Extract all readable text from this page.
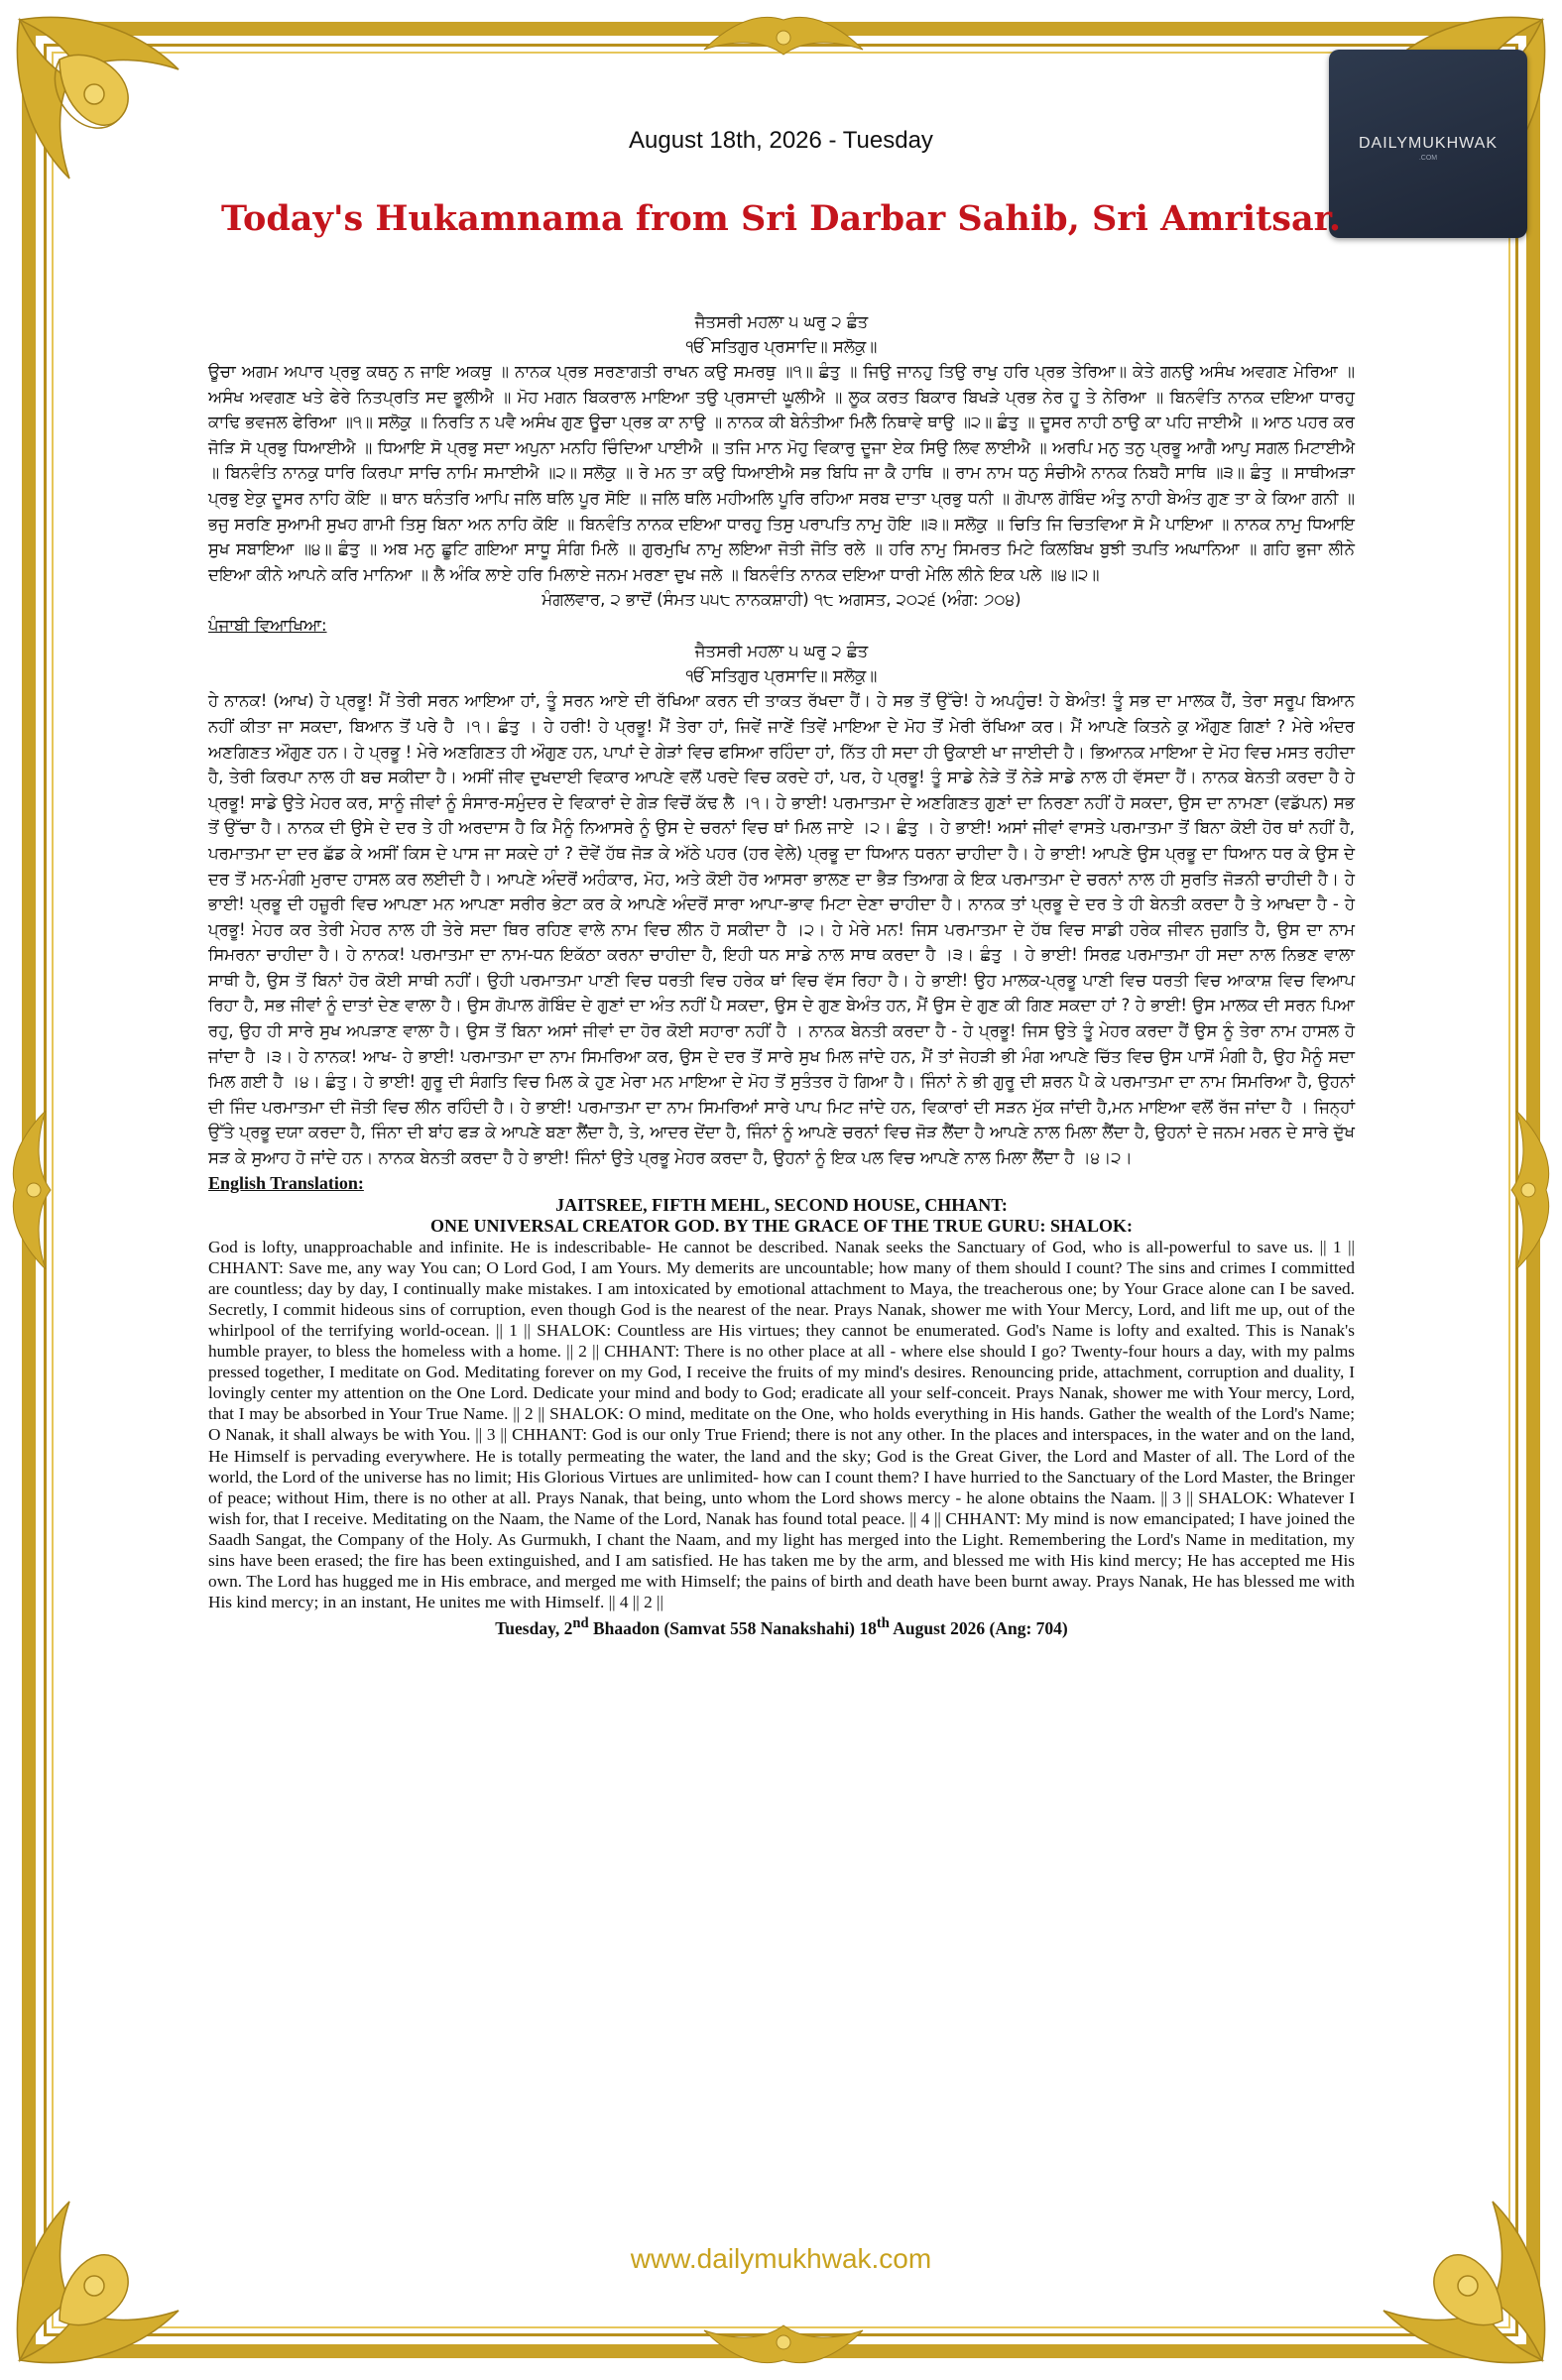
DAILYMUKHWAK
.COM
August 18th, 2026 - Tuesday
Today's Hukamnama from Sri Darbar Sahib, Sri Amritsar.
ਜੈਤਸਰੀ ਮਹਲਾ ੫ ਘਰੁ ੨ ਛੰਤ
ੴ ਸਤਿਗੁਰ ਪ੍ਰਸਾਦਿ॥ ਸਲੋਕੁ॥
ਊਚਾ ਅਗਮ ਅਪਾਰ ਪ੍ਰਭੁ ਕਥਨੁ ਨ ਜਾਇ ਅਕਥੁ ॥ ਨਾਨਕ ਪ੍ਰਭ ਸਰਣਾਗਤੀ ਰਾਖਨ ਕਉ ਸਮਰਥੁ ॥੧॥ ਛੰਤੁ ॥ ਜਿਉ ਜਾਨਹੁ ਤਿਉ ਰਾਖੁ ਹਰਿ ਪ੍ਰਭ ਤੇਰਿਆ॥ ਕੇਤੇ ਗਨਉ ਅਸੰਖ ਅਵਗਣ ਮੇਰਿਆ ॥ ਅਸੰਖ ਅਵਗਣ ਖਤੇ ਫੇਰੇ ਨਿਤਪ੍ਰਤਿ ਸਦ ਭੂਲੀਐ ॥ ਮੋਹ ਮਗਨ ਬਿਕਰਾਲ ਮਾਇਆ ਤਉ ਪ੍ਰਸਾਦੀ ਘੂਲੀਐ ॥ ਲੂਕ ਕਰਤ ਬਿਕਾਰ ਬਿਖੜੇ ਪ੍ਰਭ ਨੇਰ ਹੂ ਤੇ ਨੇਰਿਆ ॥ ਬਿਨਵੰਤਿ ਨਾਨਕ ਦਇਆ ਧਾਰਹੁ ਕਾਢਿ ਭਵਜਲ ਫੇਰਿਆ ॥੧॥ ਸਲੋਕੁ ॥ ਨਿਰਤਿ ਨ ਪਵੈ ਅਸੰਖ ਗੁਣ ਊਚਾ ਪ੍ਰਭ ਕਾ ਨਾਉ ॥ ਨਾਨਕ ਕੀ ਬੇਨੰਤੀਆ ਮਿਲੈ ਨਿਥਾਵੇ ਥਾਉ ॥੨॥ ਛੰਤੁ ॥ ਦੂਸਰ ਨਾਹੀ ਠਾਉ ਕਾ ਪਹਿ ਜਾਈਐ ॥ ਆਠ ਪਹਰ ਕਰ ਜੋੜਿ ਸੋ ਪ੍ਰਭੁ ਧਿਆਈਐ ॥ ਧਿਆਇ ਸੋ ਪ੍ਰਭੁ ਸਦਾ ਅਪੁਨਾ ਮਨਹਿ ਚਿੰਦਿਆ ਪਾਈਐ ॥ ਤਜਿ ਮਾਨ ਮੋਹੁ ਵਿਕਾਰੁ ਦੂਜਾ ਏਕ ਸਿਉ ਲਿਵ ਲਾਈਐ ॥ ਅਰਪਿ ਮਨੁ ਤਨੁ ਪ੍ਰਭੂ ਆਗੈ ਆਪੁ ਸਗਲ ਮਿਟਾਈਐ ॥ ਬਿਨਵੰਤਿ ਨਾਨਕੁ ਧਾਰਿ ਕਿਰਪਾ ਸਾਚਿ ਨਾਮਿ ਸਮਾਈਐ ॥੨॥ ਸਲੋਕੁ ॥ ਰੇ ਮਨ ਤਾ ਕਉ ਧਿਆਈਐ ਸਭ ਬਿਧਿ ਜਾ ਕੈ ਹਾਥਿ ॥ ਰਾਮ ਨਾਮ ਧਨੁ ਸੰਚੀਐ ਨਾਨਕ ਨਿਬਹੈ ਸਾਥਿ ॥੩॥ ਛੰਤੁ ॥ ਸਾਥੀਅੜਾ ਪ੍ਰਭੁ ਏਕੁ ਦੂਸਰ ਨਾਹਿ ਕੋਇ ॥ ਥਾਨ ਥਨੰਤਰਿ ਆਪਿ ਜਲਿ ਥਲਿ ਪੂਰ ਸੋਇ ॥ ਜਲਿ ਥਲਿ ਮਹੀਅਲਿ ਪੂਰਿ ਰਹਿਆ ਸਰਬ ਦਾਤਾ ਪ੍ਰਭੁ ਧਨੀ ॥ ਗੋਪਾਲ ਗੋਬਿੰਦ ਅੰਤੁ ਨਾਹੀ ਬੇਅੰਤ ਗੁਣ ਤਾ ਕੇ ਕਿਆ ਗਨੀ ॥ ਭਜੁ ਸਰਣਿ ਸੁਆਮੀ ਸੁਖਹ ਗਾਮੀ ਤਿਸੁ ਬਿਨਾ ਅਨ ਨਾਹਿ ਕੋਇ ॥ ਬਿਨਵੰਤਿ ਨਾਨਕ ਦਇਆ ਧਾਰਹੁ ਤਿਸੁ ਪਰਾਪਤਿ ਨਾਮੁ ਹੋਇ ॥੩॥ ਸਲੋਕੁ ॥ ਚਿਤਿ ਜਿ ਚਿਤਵਿਆ ਸੋ ਮੈ ਪਾਇਆ ॥ ਨਾਨਕ ਨਾਮੁ ਧਿਆਇ ਸੁਖ ਸਬਾਇਆ ॥੪॥ ਛੰਤੁ ॥ ਅਬ ਮਨੁ ਛੂਟਿ ਗਇਆ ਸਾਧੂ ਸੰਗਿ ਮਿਲੇ ॥ ਗੁਰਮੁਖਿ ਨਾਮੁ ਲਇਆ ਜੋਤੀ ਜੋਤਿ ਰਲੇ ॥ ਹਰਿ ਨਾਮੁ ਸਿਮਰਤ ਮਿਟੇ ਕਿਲਬਿਖ ਬੁਝੀ ਤਪਤਿ ਅਘਾਨਿਆ ॥ ਗਹਿ ਭੁਜਾ ਲੀਨੇ ਦਇਆ ਕੀਨੇ ਆਪਨੇ ਕਰਿ ਮਾਨਿਆ ॥ ਲੈ ਅੰਕਿ ਲਾਏ ਹਰਿ ਮਿਲਾਏ ਜਨਮ ਮਰਣਾ ਦੁਖ ਜਲੇ ॥ ਬਿਨਵੰਤਿ ਨਾਨਕ ਦਇਆ ਧਾਰੀ ਮੇਲਿ ਲੀਨੇ ਇਕ ਪਲੇ ॥੪॥੨॥
ਮੰਗਲਵਾਰ, ੨ ਭਾਦੋਂ (ਸੰਮਤ ੫੫੮ ਨਾਨਕਸ਼ਾਹੀ) ੧੮ ਅਗਸਤ, ੨੦੨੬ (ਅੰਗ: ੭੦੪)
ਪੰਜਾਬੀ ਵਿਆਖਿਆ:
ਜੈਤਸਰੀ ਮਹਲਾ ੫ ਘਰੁ ੨ ਛੰਤ
ੴ ਸਤਿਗੁਰ ਪ੍ਰਸਾਦਿ॥ ਸਲੋਕੁ॥
ਹੇ ਨਾਨਕ! (ਆਖ) ਹੇ ਪ੍ਰਭੂ! ਮੈਂ ਤੇਰੀ ਸਰਨ ਆਇਆ ਹਾਂ, ਤੂੰ ਸਰਨ ਆਏ ਦੀ ਰੱਖਿਆ ਕਰਨ ਦੀ ਤਾਕਤ ਰੱਖਦਾ ਹੈਂ। ਹੇ ਸਭ ਤੋਂ ਉੱਚੇ! ਹੇ ਅਪਹੁੰਚ! ਹੇ ਬੇਅੰਤ! ਤੂੰ ਸਭ ਦਾ ਮਾਲਕ ਹੈਂ, ਤੇਰਾ ਸਰੂਪ ਬਿਆਨ ਨਹੀਂ ਕੀਤਾ ਜਾ ਸਕਦਾ, ਬਿਆਨ ਤੋਂ ਪਰੇ ਹੈ ।੧। ਛੰਤੁ । ਹੇ ਹਰੀ! ਹੇ ਪ੍ਰਭੂ! ਮੈਂ ਤੇਰਾ ਹਾਂ, ਜਿਵੇਂ ਜਾਣੇਂ ਤਿਵੇਂ ਮਾਇਆ ਦੇ ਮੋਹ ਤੋਂ ਮੇਰੀ ਰੱਖਿਆ ਕਰ। ਮੈਂ ਆਪਣੇ ਕਿਤਨੇ ਕੁ ਔਗੁਣ ਗਿਣਾਂ ? ਮੇਰੇ ਅੰਦਰ ਅਣਗਿਣਤ ਔਗੁਣ ਹਨ। ਹੇ ਪ੍ਰਭੂ ! ਮੇਰੇ ਅਣਗਿਣਤ ਹੀ ਔਗੁਣ ਹਨ, ਪਾਪਾਂ ਦੇ ਗੇੜਾਂ ਵਿਚ ਫਸਿਆ ਰਹਿੰਦਾ ਹਾਂ, ਨਿੱਤ ਹੀ ਸਦਾ ਹੀ ਉਕਾਈ ਖਾ ਜਾਈਦੀ ਹੈ। ਭਿਆਨਕ ਮਾਇਆ ਦੇ ਮੋਹ ਵਿਚ ਮਸਤ ਰਹੀਦਾ ਹੈ, ਤੇਰੀ ਕਿਰਪਾ ਨਾਲ ਹੀ ਬਚ ਸਕੀਦਾ ਹੈ। ਅਸੀਂ ਜੀਵ ਦੁਖਦਾਈ ਵਿਕਾਰ ਆਪਣੇ ਵਲੋਂ ਪਰਦੇ ਵਿਚ ਕਰਦੇ ਹਾਂ, ਪਰ, ਹੇ ਪ੍ਰਭੂ! ਤੂੰ ਸਾਡੇ ਨੇੜੇ ਤੋਂ ਨੇੜੇ ਸਾਡੇ ਨਾਲ ਹੀ ਵੱਸਦਾ ਹੈਂ। ਨਾਨਕ ਬੇਨਤੀ ਕਰਦਾ ਹੈ ਹੇ ਪ੍ਰਭੂ! ਸਾਡੇ ਉਤੇ ਮੇਹਰ ਕਰ, ਸਾਨੂੰ ਜੀਵਾਂ ਨੂੰ ਸੰਸਾਰ-ਸਮੁੰਦਰ ਦੇ ਵਿਕਾਰਾਂ ਦੇ ਗੇੜ ਵਿਚੋਂ ਕੱਢ ਲੈ ।੧। ਹੇ ਭਾਈ! ਪਰਮਾਤਮਾ ਦੇ ਅਣਗਿਣਤ ਗੁਣਾਂ ਦਾ ਨਿਰਣਾ ਨਹੀਂ ਹੋ ਸਕਦਾ, ਉਸ ਦਾ ਨਾਮਣਾ (ਵਡੱਪਨ) ਸਭ ਤੋਂ ਉੱਚਾ ਹੈ। ਨਾਨਕ ਦੀ ਉਸੇ ਦੇ ਦਰ ਤੇ ਹੀ ਅਰਦਾਸ ਹੈ ਕਿ ਮੈਨੂੰ ਨਿਆਸਰੇ ਨੂੰ ਉਸ ਦੇ ਚਰਨਾਂ ਵਿਚ ਥਾਂ ਮਿਲ ਜਾਏ ।੨। ਛੰਤੁ । ਹੇ ਭਾਈ! ਅਸਾਂ ਜੀਵਾਂ ਵਾਸਤੇ ਪਰਮਾਤਮਾ ਤੋਂ ਬਿਨਾ ਕੋਈ ਹੋਰ ਥਾਂ ਨਹੀਂ ਹੈ, ਪਰਮਾਤਮਾ ਦਾ ਦਰ ਛੱਡ ਕੇ ਅਸੀਂ ਕਿਸ ਦੇ ਪਾਸ ਜਾ ਸਕਦੇ ਹਾਂ ? ਦੋਵੇਂ ਹੱਥ ਜੋੜ ਕੇ ਅੱਠੇ ਪਹਰ (ਹਰ ਵੇਲੇ) ਪ੍ਰਭੂ ਦਾ ਧਿਆਨ ਧਰਨਾ ਚਾਹੀਦਾ ਹੈ। ਹੇ ਭਾਈ! ਆਪਣੇ ਉਸ ਪ੍ਰਭੂ ਦਾ ਧਿਆਨ ਧਰ ਕੇ ਉਸ ਦੇ ਦਰ ਤੋਂ ਮਨ-ਮੰਗੀ ਮੁਰਾਦ ਹਾਸਲ ਕਰ ਲਈਦੀ ਹੈ। ਆਪਣੇ ਅੰਦਰੋਂ ਅਹੰਕਾਰ, ਮੋਹ, ਅਤੇ ਕੋਈ ਹੋਰ ਆਸਰਾ ਭਾਲਣ ਦਾ ਭੈੜ ਤਿਆਗ ਕੇ ਇਕ ਪਰਮਾਤਮਾ ਦੇ ਚਰਨਾਂ ਨਾਲ ਹੀ ਸੁਰਤਿ ਜੋੜਨੀ ਚਾਹੀਦੀ ਹੈ। ਹੇ ਭਾਈ! ਪ੍ਰਭੂ ਦੀ ਹਜ਼ੂਰੀ ਵਿਚ ਆਪਣਾ ਮਨ ਆਪਣਾ ਸਰੀਰ ਭੇਟਾ ਕਰ ਕੇ ਆਪਣੇ ਅੰਦਰੋਂ ਸਾਰਾ ਆਪਾ-ਭਾਵ ਮਿਟਾ ਦੇਣਾ ਚਾਹੀਦਾ ਹੈ। ਨਾਨਕ ਤਾਂ ਪ੍ਰਭੂ ਦੇ ਦਰ ਤੇ ਹੀ ਬੇਨਤੀ ਕਰਦਾ ਹੈ ਤੇ ਆਖਦਾ ਹੈ - ਹੇ ਪ੍ਰਭੂ! ਮੇਹਰ ਕਰ ਤੇਰੀ ਮੇਹਰ ਨਾਲ ਹੀ ਤੇਰੇ ਸਦਾ ਥਿਰ ਰਹਿਣ ਵਾਲੇ ਨਾਮ ਵਿਚ ਲੀਨ ਹੋ ਸਕੀਦਾ ਹੈ ।੨। ਹੇ ਮੇਰੇ ਮਨ! ਜਿਸ ਪਰਮਾਤਮਾ ਦੇ ਹੱਥ ਵਿਚ ਸਾਡੀ ਹਰੇਕ ਜੀਵਨ ਜੁਗਤਿ ਹੈ, ਉਸ ਦਾ ਨਾਮ ਸਿਮਰਨਾ ਚਾਹੀਦਾ ਹੈ। ਹੇ ਨਾਨਕ! ਪਰਮਾਤਮਾ ਦਾ ਨਾਮ-ਧਨ ਇਕੱਠਾ ਕਰਨਾ ਚਾਹੀਦਾ ਹੈ, ਇਹੀ ਧਨ ਸਾਡੇ ਨਾਲ ਸਾਥ ਕਰਦਾ ਹੈ ।੩। ਛੰਤੁ । ਹੇ ਭਾਈ! ਸਿਰਫ਼ ਪਰਮਾਤਮਾ ਹੀ ਸਦਾ ਨਾਲ ਨਿਭਣ ਵਾਲਾ ਸਾਥੀ ਹੈ, ਉਸ ਤੋਂ ਬਿਨਾਂ ਹੋਰ ਕੋਈ ਸਾਥੀ ਨਹੀਂ। ਉਹੀ ਪਰਮਾਤਮਾ ਪਾਣੀ ਵਿਚ ਧਰਤੀ ਵਿਚ ਹਰੇਕ ਥਾਂ ਵਿਚ ਵੱਸ ਰਿਹਾ ਹੈ। ਹੇ ਭਾਈ! ਉਹ ਮਾਲਕ-ਪ੍ਰਭੂ ਪਾਣੀ ਵਿਚ ਧਰਤੀ ਵਿਚ ਆਕਾਸ਼ ਵਿਚ ਵਿਆਪ ਰਿਹਾ ਹੈ, ਸਭ ਜੀਵਾਂ ਨੂੰ ਦਾਤਾਂ ਦੇਣ ਵਾਲਾ ਹੈ। ਉਸ ਗੋਪਾਲ ਗੋਬਿੰਦ ਦੇ ਗੁਣਾਂ ਦਾ ਅੰਤ ਨਹੀਂ ਪੈ ਸਕਦਾ, ਉਸ ਦੇ ਗੁਣ ਬੇਅੰਤ ਹਨ, ਮੈਂ ਉਸ ਦੇ ਗੁਣ ਕੀ ਗਿਣ ਸਕਦਾ ਹਾਂ ? ਹੇ ਭਾਈ! ਉਸ ਮਾਲਕ ਦੀ ਸਰਨ ਪਿਆ ਰਹੁ, ਉਹ ਹੀ ਸਾਰੇ ਸੁਖ ਅਪੜਾਣ ਵਾਲਾ ਹੈ। ਉਸ ਤੋਂ ਬਿਨਾ ਅਸਾਂ ਜੀਵਾਂ ਦਾ ਹੋਰ ਕੋਈ ਸਹਾਰਾ ਨਹੀਂ ਹੈ । ਨਾਨਕ ਬੇਨਤੀ ਕਰਦਾ ਹੈ - ਹੇ ਪ੍ਰਭੂ! ਜਿਸ ਉਤੇ ਤੂੰ ਮੇਹਰ ਕਰਦਾ ਹੈਂ ਉਸ ਨੂੰ ਤੇਰਾ ਨਾਮ ਹਾਸਲ ਹੋ ਜਾਂਦਾ ਹੈ ।੩। ਹੇ ਨਾਨਕ! ਆਖ- ਹੇ ਭਾਈ! ਪਰਮਾਤਮਾ ਦਾ ਨਾਮ ਸਿਮਰਿਆ ਕਰ, ਉਸ ਦੇ ਦਰ ਤੋਂ ਸਾਰੇ ਸੁਖ ਮਿਲ ਜਾਂਦੇ ਹਨ, ਮੈਂ ਤਾਂ ਜੇਹੜੀ ਭੀ ਮੰਗ ਆਪਣੇ ਚਿੱਤ ਵਿਚ ਉਸ ਪਾਸੋਂ ਮੰਗੀ ਹੈ, ਉਹ ਮੈਨੂੰ ਸਦਾ ਮਿਲ ਗਈ ਹੈ ।੪। ਛੰਤੁ। ਹੇ ਭਾਈ! ਗੁਰੂ ਦੀ ਸੰਗਤਿ ਵਿਚ ਮਿਲ ਕੇ ਹੁਣ ਮੇਰਾ ਮਨ ਮਾਇਆ ਦੇ ਮੋਹ ਤੋਂ ਸੁਤੰਤਰ ਹੋ ਗਿਆ ਹੈ। ਜਿੰਨਾਂ ਨੇ ਭੀ ਗੁਰੂ ਦੀ ਸ਼ਰਨ ਪੈ ਕੇ ਪਰਮਾਤਮਾ ਦਾ ਨਾਮ ਸਿਮਰਿਆ ਹੈ, ਉਹਨਾਂ ਦੀ ਜਿੰਦ ਪਰਮਾਤਮਾ ਦੀ ਜੋਤੀ ਵਿਚ ਲੀਨ ਰਹਿੰਦੀ ਹੈ। ਹੇ ਭਾਈ! ਪਰਮਾਤਮਾ ਦਾ ਨਾਮ ਸਿਮਰਿਆਂ ਸਾਰੇ ਪਾਪ ਮਿਟ ਜਾਂਦੇ ਹਨ, ਵਿਕਾਰਾਂ ਦੀ ਸੜਨ ਮੁੱਕ ਜਾਂਦੀ ਹੈ,ਮਨ ਮਾਇਆ ਵਲੋਂ ਰੱਜ ਜਾਂਦਾ ਹੈ । ਜਿਨ੍ਹਾਂ ਉੱਤੇ ਪ੍ਰਭੂ ਦਯਾ ਕਰਦਾ ਹੈ, ਜਿੰਨਾ ਦੀ ਬਾਂਹ ਫੜ ਕੇ ਆਪਣੇ ਬਣਾ ਲੈਂਦਾ ਹੈ, ਤੇ, ਆਦਰ ਦੇਂਦਾ ਹੈ, ਜਿੰਨਾਂ ਨੂੰ ਆਪਣੇ ਚਰਨਾਂ ਵਿਚ ਜੋੜ ਲੈਂਦਾ ਹੈ ਆਪਣੇ ਨਾਲ ਮਿਲਾ ਲੈਂਦਾ ਹੈ, ਉਹਨਾਂ ਦੇ ਜਨਮ ਮਰਨ ਦੇ ਸਾਰੇ ਦੁੱਖ ਸੜ ਕੇ ਸੁਆਹ ਹੋ ਜਾਂਦੇ ਹਨ। ਨਾਨਕ ਬੇਨਤੀ ਕਰਦਾ ਹੈ ਹੇ ਭਾਈ! ਜਿੰਨਾਂ ਉਤੇ ਪ੍ਰਭੂ ਮੇਹਰ ਕਰਦਾ ਹੈ, ਉਹਨਾਂ ਨੂੰ ਇਕ ਪਲ ਵਿਚ ਆਪਣੇ ਨਾਲ ਮਿਲਾ ਲੈਂਦਾ ਹੈ ।੪।੨।
English Translation:
JAITSREE, FIFTH MEHL, SECOND HOUSE, CHHANT:
ONE UNIVERSAL CREATOR GOD. BY THE GRACE OF THE TRUE GURU: SHALOK:
God is lofty, unapproachable and infinite. He is indescribable- He cannot be described. Nanak seeks the Sanctuary of God, who is all-powerful to save us. || 1 || CHHANT: Save me, any way You can; O Lord God, I am Yours. My demerits are uncountable; how many of them should I count? The sins and crimes I committed are countless; day by day, I continually make mistakes. I am intoxicated by emotional attachment to Maya, the treacherous one; by Your Grace alone can I be saved. Secretly, I commit hideous sins of corruption, even though God is the nearest of the near. Prays Nanak, shower me with Your Mercy, Lord, and lift me up, out of the whirlpool of the terrifying world-ocean. || 1 || SHALOK: Countless are His virtues; they cannot be enumerated. God's Name is lofty and exalted. This is Nanak's humble prayer, to bless the homeless with a home. || 2 || CHHANT: There is no other place at all - where else should I go? Twenty-four hours a day, with my palms pressed together, I meditate on God. Meditating forever on my God, I receive the fruits of my mind's desires. Renouncing pride, attachment, corruption and duality, I lovingly center my attention on the One Lord. Dedicate your mind and body to God; eradicate all your self-conceit. Prays Nanak, shower me with Your mercy, Lord, that I may be absorbed in Your True Name. || 2 || SHALOK: O mind, meditate on the One, who holds everything in His hands. Gather the wealth of the Lord's Name; O Nanak, it shall always be with You. || 3 || CHHANT: God is our only True Friend; there is not any other. In the places and interspaces, in the water and on the land, He Himself is pervading everywhere. He is totally permeating the water, the land and the sky; God is the Great Giver, the Lord and Master of all. The Lord of the world, the Lord of the universe has no limit; His Glorious Virtues are unlimited- how can I count them? I have hurried to the Sanctuary of the Lord Master, the Bringer of peace; without Him, there is no other at all. Prays Nanak, that being, unto whom the Lord shows mercy - he alone obtains the Naam. || 3 || SHALOK: Whatever I wish for, that I receive. Meditating on the Naam, the Name of the Lord, Nanak has found total peace. || 4 || CHHANT: My mind is now emancipated; I have joined the Saadh Sangat, the Company of the Holy. As Gurmukh, I chant the Naam, and my light has merged into the Light. Remembering the Lord's Name in meditation, my sins have been erased; the fire has been extinguished, and I am satisfied. He has taken me by the arm, and blessed me with His kind mercy; He has accepted me His own. The Lord has hugged me in His embrace, and merged me with Himself; the pains of birth and death have been burnt away. Prays Nanak, He has blessed me with His kind mercy; in an instant, He unites me with Himself. || 4 || 2 ||
Tuesday, 2nd Bhaadon (Samvat 558 Nanakshahi) 18th August 2026 (Ang: 704)
www.dailymukhwak.com
